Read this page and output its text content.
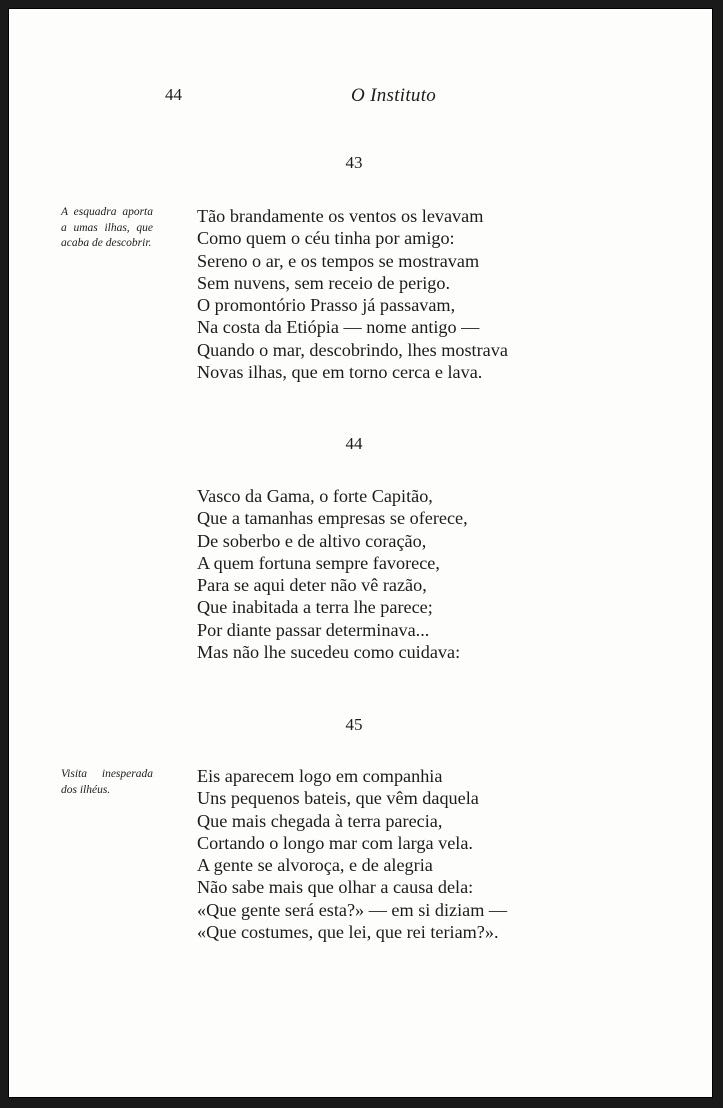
44	O Instituto
43
A esquadra aporta a umas ilhas, que acaba de descobrir.
Tão brandamente os ventos os levavam
Como quem o céu tinha por amigo:
Sereno o ar, e os tempos se mostravam
Sem nuvens, sem receio de perigo.
O promontório Prasso já passavam,
Na costa da Etiópia — nome antigo —
Quando o mar, descobrindo, lhes mostrava
Novas ilhas, que em torno cerca e lava.
44
Vasco da Gama, o forte Capitão,
Que a tamanhas empresas se oferece,
De soberbo e de altivo coração,
A quem fortuna sempre favorece,
Para se aqui deter não vê razão,
Que inabitada a terra lhe parece;
Por diante passar determinava...
Mas não lhe sucedeu como cuidava:
45
Visita inesperada dos ilhéus.
Eis aparecem logo em companhia
Uns pequenos bateis, que vêm daquela
Que mais chegada à terra parecia,
Cortando o longo mar com larga vela.
A gente se alvoroça, e de alegria
Não sabe mais que olhar a causa dela:
«Que gente será esta?» — em si diziam —
«Que costumes, que lei, que rei teriam?».
